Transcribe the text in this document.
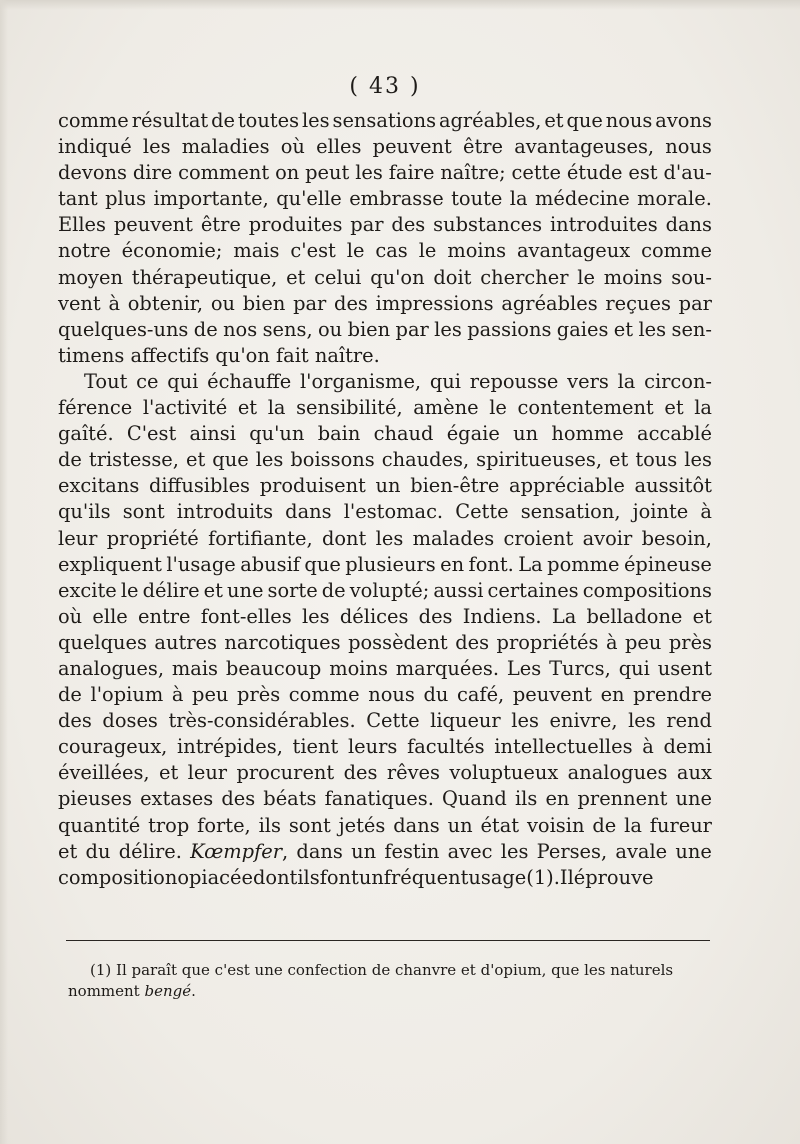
( 43 )
comme résultat de toutes les sensations agréables, et que nous avons
indiqué les maladies où elles peuvent être avantageuses, nous
devons dire comment on peut les faire naître; cette étude est d'au-
tant plus importante, qu'elle embrasse toute la médecine morale.
Elles peuvent être produites par des substances introduites dans
notre économie; mais c'est le cas le moins avantageux comme
moyen thérapeutique, et celui qu'on doit chercher le moins sou-
vent à obtenir, ou bien par des impressions agréables reçues par
quelques-uns de nos sens, ou bien par les passions gaies et les sen-
timens affectifs qu'on fait naître.
Tout ce qui échauffe l'organisme, qui repousse vers la circon-
férence l'activité et la sensibilité, amène le contentement et la
gaîté. C'est ainsi qu'un bain chaud égaie un homme accablé
de tristesse, et que les boissons chaudes, spiritueuses, et tous les
excitans diffusibles produisent un bien-être appréciable aussitôt
qu'ils sont introduits dans l'estomac. Cette sensation, jointe à
leur propriété fortifiante, dont les malades croient avoir besoin,
expliquent l'usage abusif que plusieurs en font. La pomme épineuse
excite le délire et une sorte de volupté; aussi certaines compositions
où elle entre font-elles les délices des Indiens. La belladone et
quelques autres narcotiques possèdent des propriétés à peu près
analogues, mais beaucoup moins marquées. Les Turcs, qui usent
de l'opium à peu près comme nous du café, peuvent en prendre
des doses très-considérables. Cette liqueur les enivre, les rend
courageux, intrépides, tient leurs facultés intellectuelles à demi
éveillées, et leur procurent des rêves voluptueux analogues aux
pieuses extases des béats fanatiques. Quand ils en prennent une
quantité trop forte, ils sont jetés dans un état voisin de la fureur
et du délire. Kœmpfer, dans un festin avec les Perses, avale une
compositionopiacéedontilsfontunfréquentusage(1).Iléprouve
(1) Il paraît que c'est une confection de chanvre et d'opium, que les naturels
nomment bengé.
